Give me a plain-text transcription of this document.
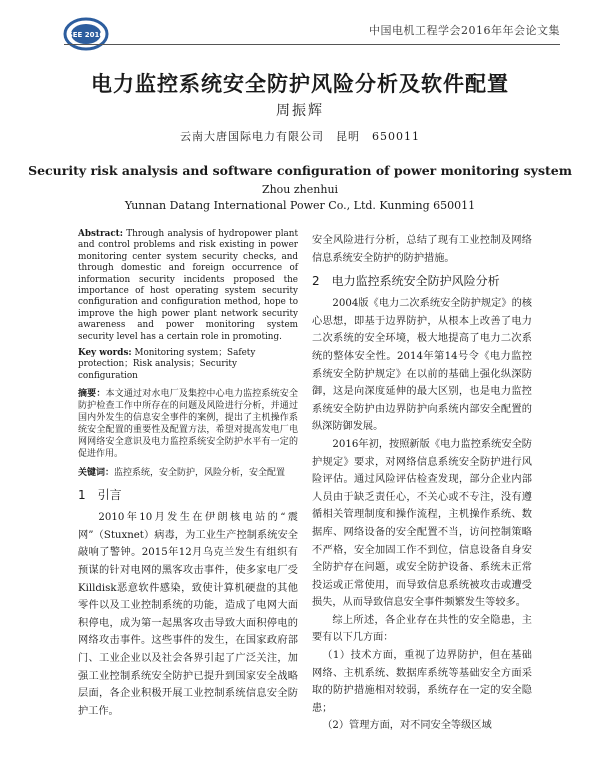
SEE 2016	中国电机工程学会2016年年会论文集
电力监控系统安全防护风险分析及软件配置
周振辉
云南大唐国际电力有限公司　昆明　650011
Security risk analysis and software configuration of power monitoring system
Zhou zhenhui
Yunnan Datang International Power Co., Ltd. Kunming 650011

Abstract: Through analysis of hydropower plant and control problems and risk existing in power monitoring center system security checks, and through domestic and foreign occurrence of information security incidents proposed the importance of host operating system security configuration and configuration method, hope to improve the high power plant network security awareness and power monitoring system security level has a certain role in promoting.

Key words: Monitoring system；Safety protection；Risk analysis；Security configuration

摘要：本文通过对水电厂及集控中心电力监控系统安全防护检查工作中所存在的问题及风险进行分析，并通过国内外发生的信息安全事件的案例，提出了主机操作系统安全配置的重要性及配置方法，希望对提高发电厂电网网络安全意识及电力监控系统安全防护水平有一定的促进作用。

关键词：监控系统，安全防护，风险分析，安全配置

1　引言

2010年10月发生在伊朗核电站的“震网”（Stuxnet）病毒，为工业生产控制系统安全敲响了警钟。2015年12月乌克兰发生有组织有预谋的针对电网的黑客攻击事件，使多家电厂受Killdisk恶意软件感染，致使计算机硬盘的其他零件以及工业控制系统的功能，造成了电网大面积停电，成为第一起黑客攻击导致大面积停电的网络攻击事件。这些事件的发生，在国家政府部门、工业企业以及社会各界引起了广泛关注，加强工业控制系统安全防护已提升到国家安全战略层面，各企业积极开展工业控制系统信息安全防护工作。

安全风险进行分析，总结了现有工业控制及网络信息系统安全防护的防护措施。

2　电力监控系统安全防护风险分析

2004版《电力二次系统安全防护规定》的核心思想，即基于边界防护，从根本上改善了电力二次系统的安全环境，极大地提高了电力二次系统的整体安全性。2014年第14号令《电力监控系统安全防护规定》在以前的基础上强化纵深防御，这是向深度延伸的最大区别，也是电力监控系统安全防护由边界防护向系统内部安全配置的纵深防御发展。

2016年初，按照新版《电力监控系统安全防护规定》要求，对网络信息系统安全防护进行风险评估。通过风险评估检查发现，部分企业内部人员由于缺乏责任心，不关心或不专注，没有遵循相关管理制度和操作流程，主机操作系统、数据库、网络设备的安全配置不当，访问控制策略不严格，安全加固工作不到位，信息设备自身安全防护存在问题，或安全防护设备、系统未正常投运或正常使用，而导致信息系统被攻击或遭受损失，从而导致信息安全事件频繁发生等较多。

综上所述，各企业存在共性的安全隐患，主要有以下几方面：

（1）技术方面，重视了边界防护，但在基础网络、主机系统、数据库系统等基础安全方面采取的防护措施相对较弱，系统存在一定的安全隐患；

（2）管理方面，对不同安全等级区域
